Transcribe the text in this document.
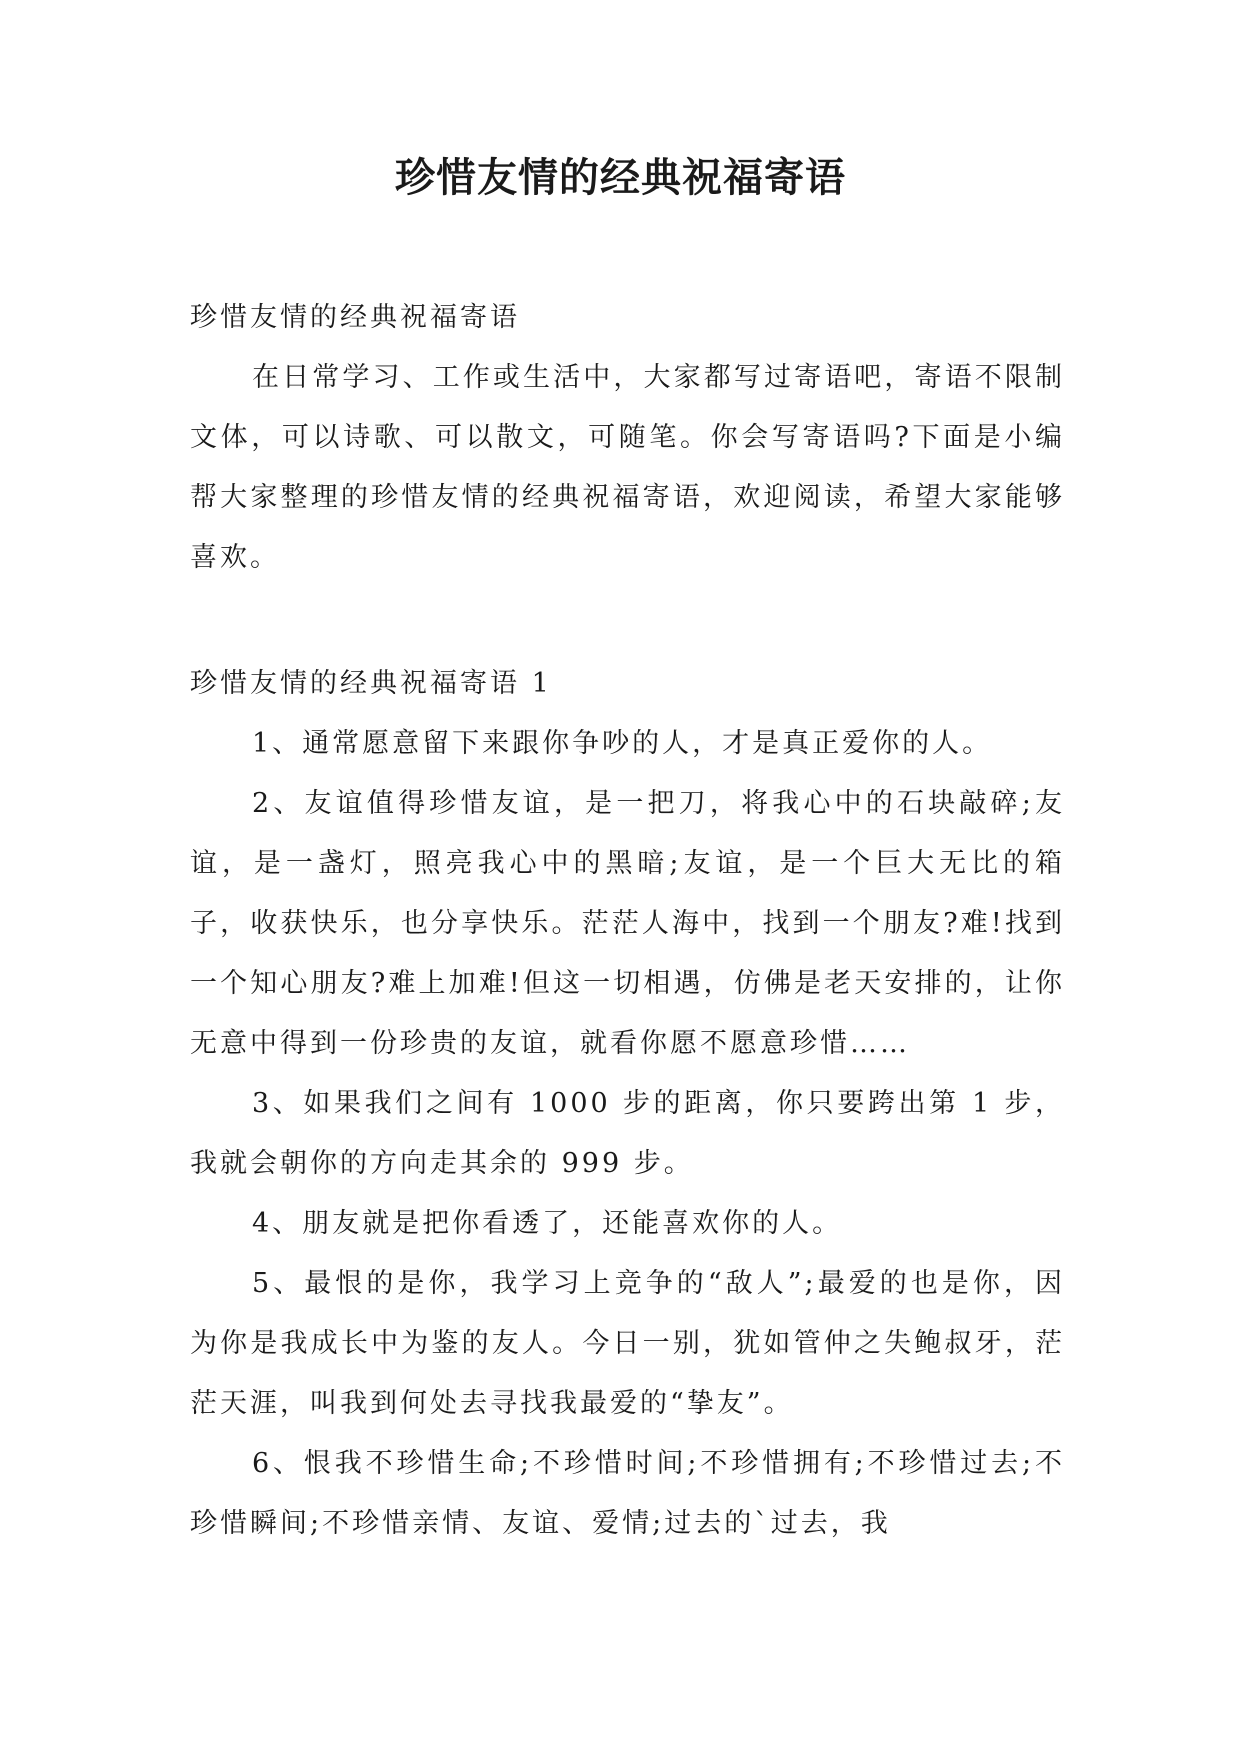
珍惜友情的经典祝福寄语

珍惜友情的经典祝福寄语

在日常学习、工作或生活中，大家都写过寄语吧，寄语不限制文体，可以诗歌、可以散文，可随笔。你会写寄语吗?下面是小编帮大家整理的珍惜友情的经典祝福寄语，欢迎阅读，希望大家能够喜欢。

珍惜友情的经典祝福寄语 1

1、通常愿意留下来跟你争吵的人，才是真正爱你的人。

2、友谊值得珍惜友谊，是一把刀，将我心中的石块敲碎;友谊，是一盏灯，照亮我心中的黑暗;友谊，是一个巨大无比的箱子，收获快乐，也分享快乐。茫茫人海中，找到一个朋友?难!找到一个知心朋友?难上加难!但这一切相遇，仿佛是老天安排的，让你无意中得到一份珍贵的友谊，就看你愿不愿意珍惜……

3、如果我们之间有 1000 步的距离，你只要跨出第 1 步，我就会朝你的方向走其余的 999 步。

4、朋友就是把你看透了，还能喜欢你的人。

5、最恨的是你，我学习上竞争的“敌人”;最爱的也是你，因为你是我成长中为鉴的友人。今日一别，犹如管仲之失鲍叔牙，茫茫天涯，叫我到何处去寻找我最爱的“挚友”。

6、恨我不珍惜生命;不珍惜时间;不珍惜拥有;不珍惜过去;不珍惜瞬间;不珍惜亲情、友谊、爱情;过去的`过去，我
